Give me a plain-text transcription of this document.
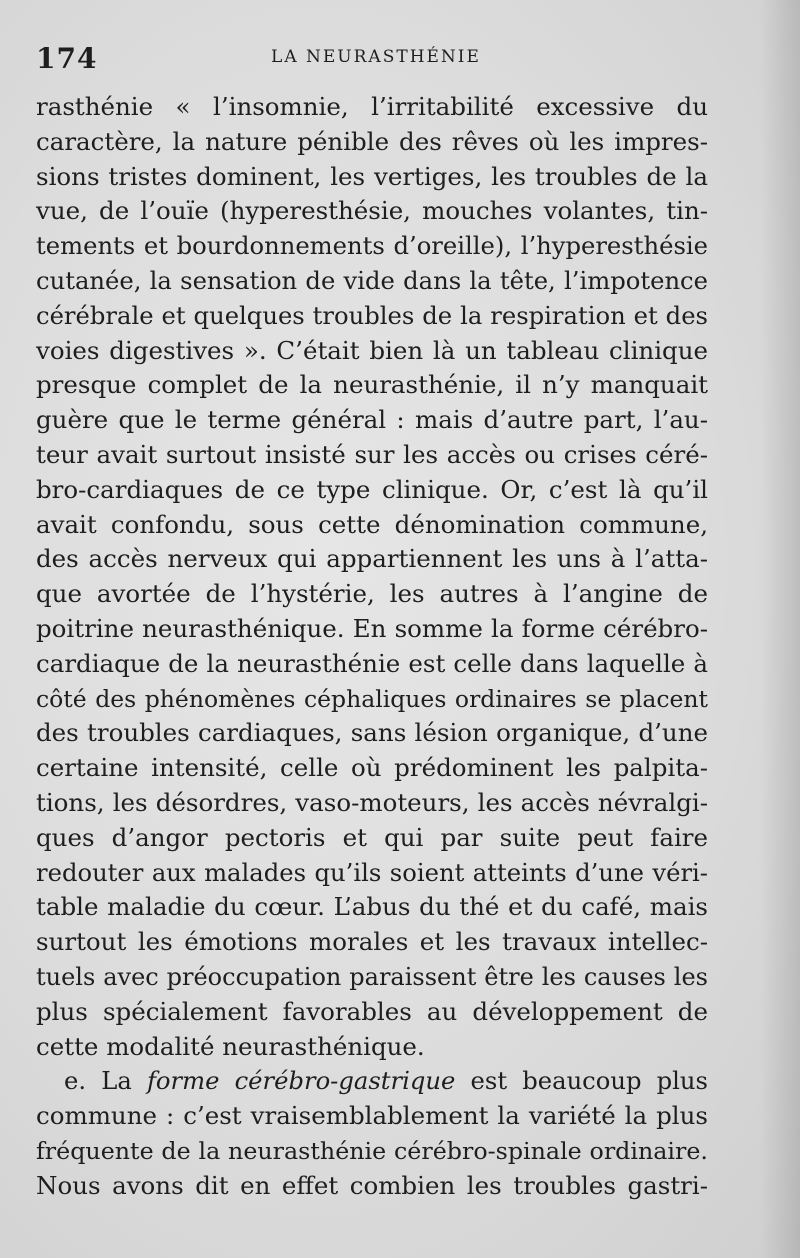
174	LA NEURASTHÉNIE
rasthénie « l’insomnie, l’irritabilité excessive du
caractère, la nature pénible des rêves où les impres-
sions tristes dominent, les vertiges, les troubles de la
vue, de l’ouïe (hyperesthésie, mouches volantes, tin-
tements et bourdonnements d’oreille), l’hyperesthésie
cutanée, la sensation de vide dans la tête, l’impotence
cérébrale et quelques troubles de la respiration et des
voies digestives ». C’était bien là un tableau clinique
presque complet de la neurasthénie, il n’y manquait
guère que le terme général : mais d’autre part, l’au-
teur avait surtout insisté sur les accès ou crises céré-
bro-cardiaques de ce type clinique. Or, c’est là qu’il
avait confondu, sous cette dénomination commune,
des accès nerveux qui appartiennent les uns à l’atta-
que avortée de l’hystérie, les autres à l’angine de
poitrine neurasthénique. En somme la forme cérébro-
cardiaque de la neurasthénie est celle dans laquelle à
côté des phénomènes céphaliques ordinaires se placent
des troubles cardiaques, sans lésion organique, d’une
certaine intensité, celle où prédominent les palpita-
tions, les désordres, vaso-moteurs, les accès névralgi-
ques d’angor pectoris et qui par suite peut faire
redouter aux malades qu’ils soient atteints d’une véri-
table maladie du cœur. L’abus du thé et du café, mais
surtout les émotions morales et les travaux intellec-
tuels avec préoccupation paraissent être les causes les
plus spécialement favorables au développement de
cette modalité neurasthénique.
e. La forme cérébro-gastrique est beaucoup plus
commune : c’est vraisemblablement la variété la plus
fréquente de la neurasthénie cérébro-spinale ordinaire.
Nous avons dit en effet combien les troubles gastri-
